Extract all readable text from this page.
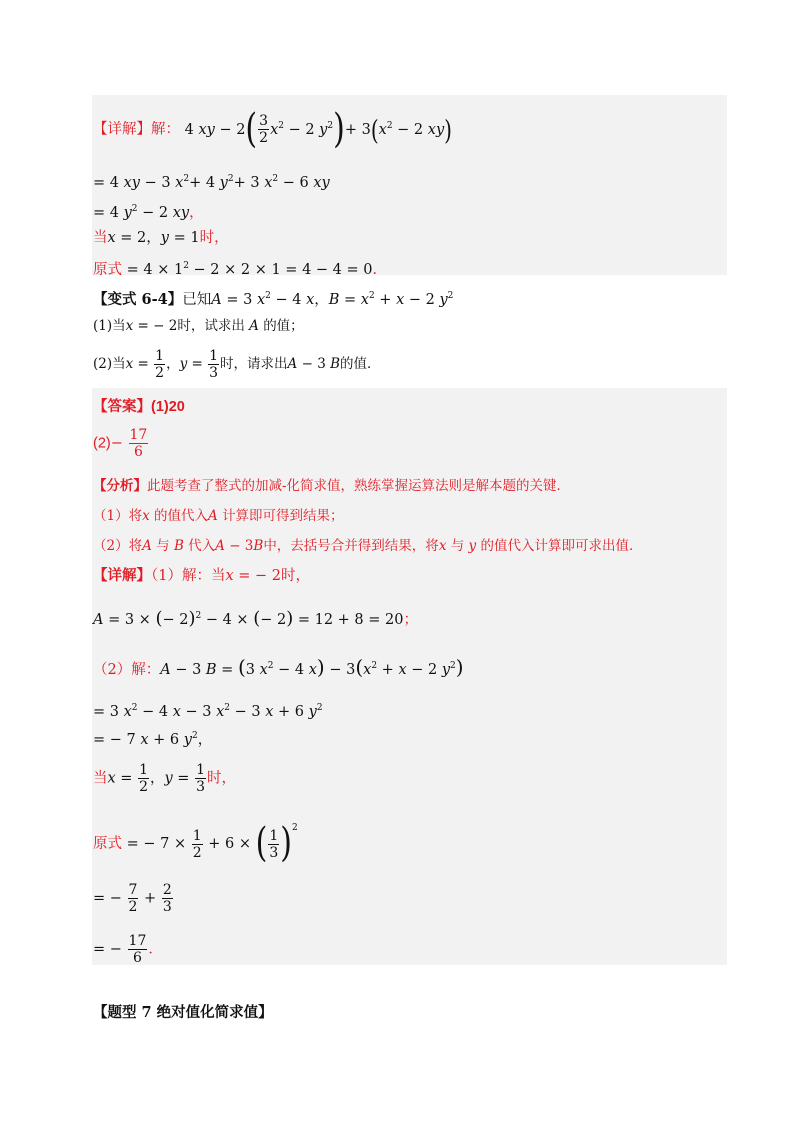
【详解】解： 4 xy − $2( \frac{3}{2} x^2 - 2$ $y^2)+ 3(x^2 - 2$ xy)
= 4 xy − 3 $x^2+ 4$ $y^2+ 3$ $x^2 - 6$ xy
= 4 $y^2 - 2$ xy，
当x = 2，y = 1时，
原式 = $4 \times 1^2 - 2 \times 2 \times 1 = 4 - 4 = 0$．
【变式 6-4】已知A = 3 $x^2 - 4$ x，$B = x^2 + x - 2$ $y^2$
(1)当x = − 2时，试求出 A 的值；
(2)当$x = \frac{1}{2}$ ，$y = \frac{1}{3}$ 时，请求出A − 3 B的值．
【答案】(1)20
$(2)- \frac{17}{6}$
【分析】此题考查了整式的加减-化简求值，熟练掌握运算法则是解本题的关键．
（1）将x 的值代入A 计算即可得到结果；
（2）将A 与 B 代入A − 3B中，去括号合并得到结果，将x 与 y 的值代入计算即可求出值．
【详解】（1）解：当x = − 2时，
A = 3 × (− 2)$^2$ − 4 × (− 2) = 12 + 8 = 20；
（2）解：A − 3 B = (3 $x^2 - 4$ $x) - 3(x^2 + x - 2$ $y^2$)
= 3 $x^2 - 4$ x − 3 $x^2 - 3$ x + 6 $y^2$
= − 7 x + 6 $y^2$，
当$x = \frac{1}{2}$ ，$y = \frac{1}{3}$ 时，
原式 = − $7 \times \frac{1}{2} + 6$ × ( $\frac{1}{3} )^2$
= − $\frac{7}{2} + \frac{2}{3}$
= − $\frac{17}{6}$ ．
【题型 7 绝对值化简求值】
